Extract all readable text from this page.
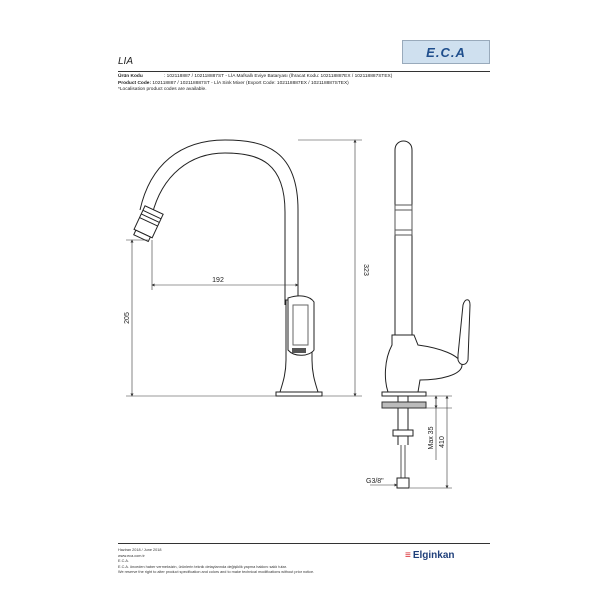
E.C.A
LIA
Ürün Kodu	: 102118887 / 102118887ST - LİA Mafsallı Eviye Bataryası (İhracat Kodu: 102118887EX / 102118887STEX)
Product Code: 102118887 / 102118887ST - LİA Sink Mixer (Export Code: 102118887EX / 102118887STEX)
*Localisation product codes are available.
192
323
205
Max 35 410
G3/8"
Haziran 2018 / June 2018
www.eca.com.tr
E.C.A.
E.C.A. önceden haber vermeksizin, ürünlerin teknik detaylarında değişiklik yapma hakkını saklı tutar.
We reserve the right to alter product specification and colors and to make technical modifications without prior notice.
≡ Elginkan
